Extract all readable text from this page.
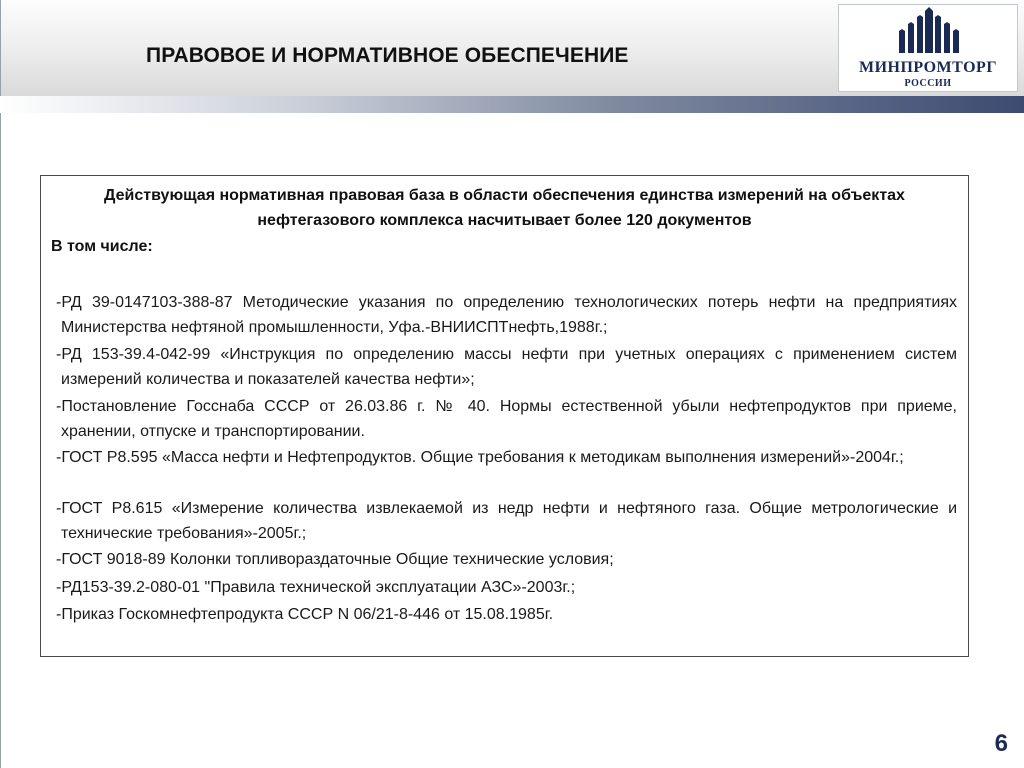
ПРАВОВОЕ И НОРМАТИВНОЕ ОБЕСПЕЧЕНИЕ
МИНПРОМТОРГ
РОССИИ
Действующая нормативная правовая база в области обеспечения единства измерений на объектах нефтегазового комплекса насчитывает более 120 документов
В том числе:
-РД 39-0147103-388-87 Методические указания по определению технологических потерь нефти на предприятиях Министерства нефтяной промышленности, Уфа.-ВНИИСПТнефть,1988г.;
-РД 153-39.4-042-99 «Инструкция по определению массы нефти при учетных операциях с применением систем измерений количества и показателей качества нефти»;
-Постановление Госснаба СССР от 26.03.86 г. № 40. Нормы естественной убыли нефтепродуктов при приеме, хранении, отпуске и транспортировании.
-ГОСТ Р8.595 «Масса нефти и Нефтепродуктов. Общие требования к методикам выполнения измерений»-2004г.;
-ГОСТ Р8.615 «Измерение количества извлекаемой из недр нефти и нефтяного газа. Общие метрологические и технические требования»-2005г.;
-ГОСТ 9018-89 Колонки топливораздаточные Общие технические условия;
-РД153-39.2-080-01 "Правила технической эксплуатации АЗС»-2003г.;
-Приказ Госкомнефтепродукта СССР N 06/21-8-446 от 15.08.1985г.
6
